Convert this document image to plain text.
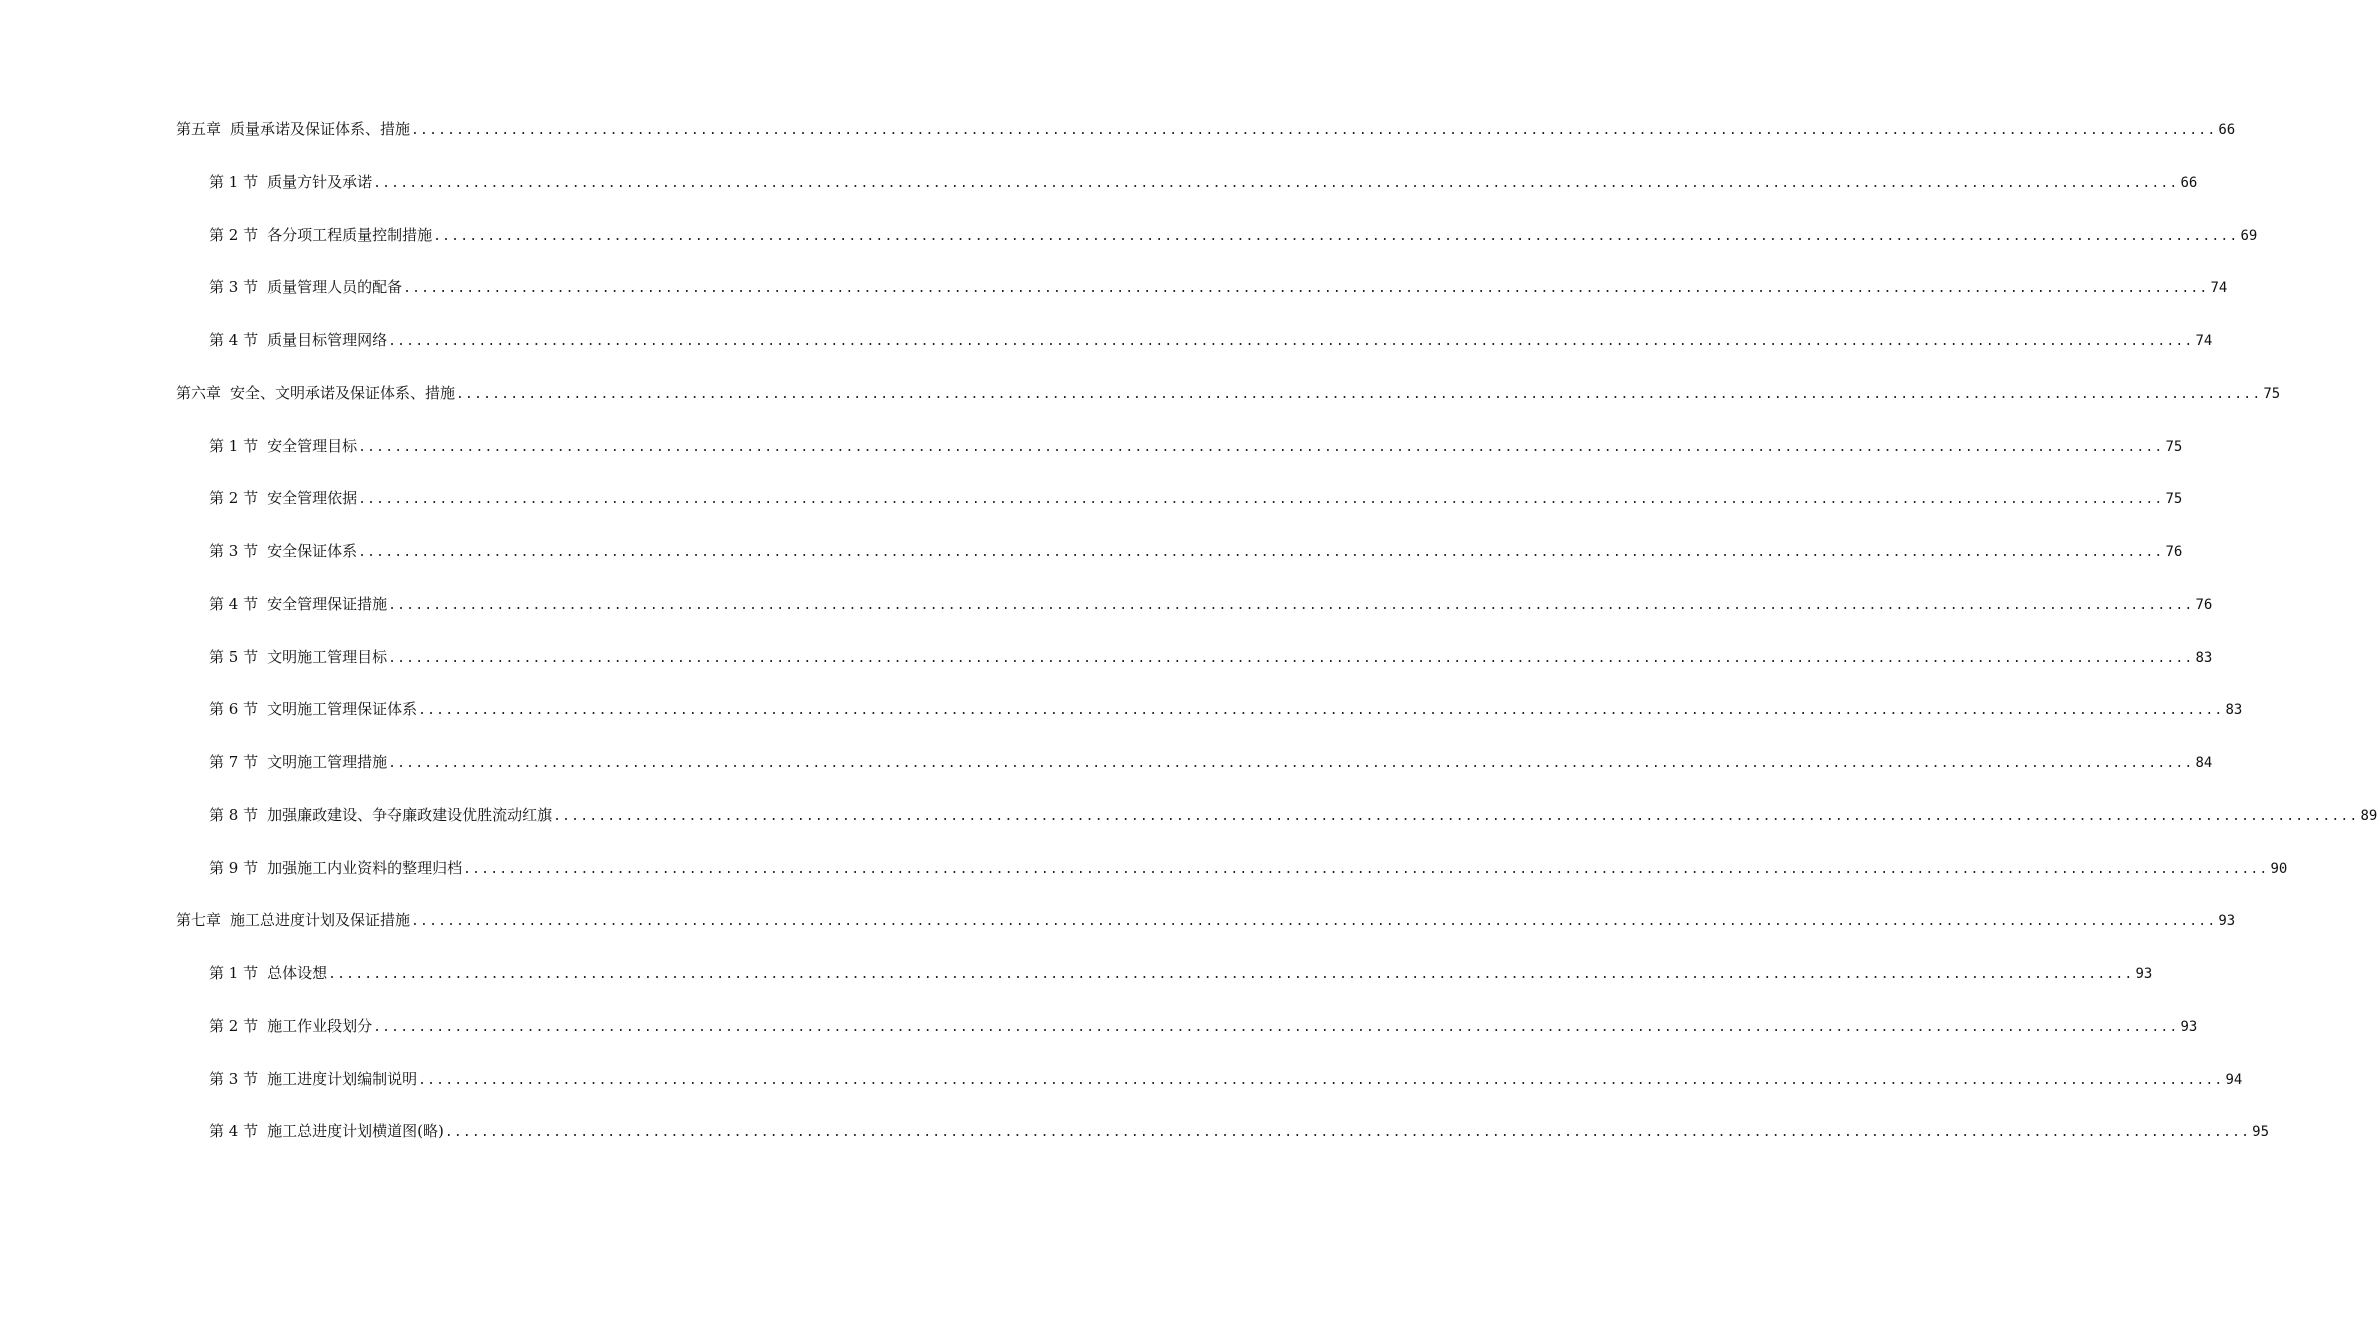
第五章 质量承诺及保证体系、措施 ........................................................................................................................................................................................................ 66
第 1 节 质量方针及承诺 ........................................................................................................................................................................................................ 66
第 2 节 各分项工程质量控制措施 ........................................................................................................................................................................................................ 69
第 3 节 质量管理人员的配备 ........................................................................................................................................................................................................ 74
第 4 节 质量目标管理网络 ........................................................................................................................................................................................................ 74
第六章 安全、文明承诺及保证体系、措施 ........................................................................................................................................................................................................ 75
第 1 节 安全管理目标 ........................................................................................................................................................................................................ 75
第 2 节 安全管理依据 ........................................................................................................................................................................................................ 75
第 3 节 安全保证体系 ........................................................................................................................................................................................................ 76
第 4 节 安全管理保证措施 ........................................................................................................................................................................................................ 76
第 5 节 文明施工管理目标 ........................................................................................................................................................................................................ 83
第 6 节 文明施工管理保证体系 ........................................................................................................................................................................................................ 83
第 7 节 文明施工管理措施 ........................................................................................................................................................................................................ 84
第 8 节 加强廉政建设、争夺廉政建设优胜流动红旗 ........................................................................................................................................................................................................ 89
第 9 节 加强施工内业资料的整理归档 ........................................................................................................................................................................................................ 90
第七章 施工总进度计划及保证措施 ........................................................................................................................................................................................................ 93
第 1 节 总体设想 ........................................................................................................................................................................................................ 93
第 2 节 施工作业段划分 ........................................................................................................................................................................................................ 93
第 3 节 施工进度计划编制说明 ........................................................................................................................................................................................................ 94
第 4 节 施工总进度计划横道图(略) ........................................................................................................................................................................................................ 95
